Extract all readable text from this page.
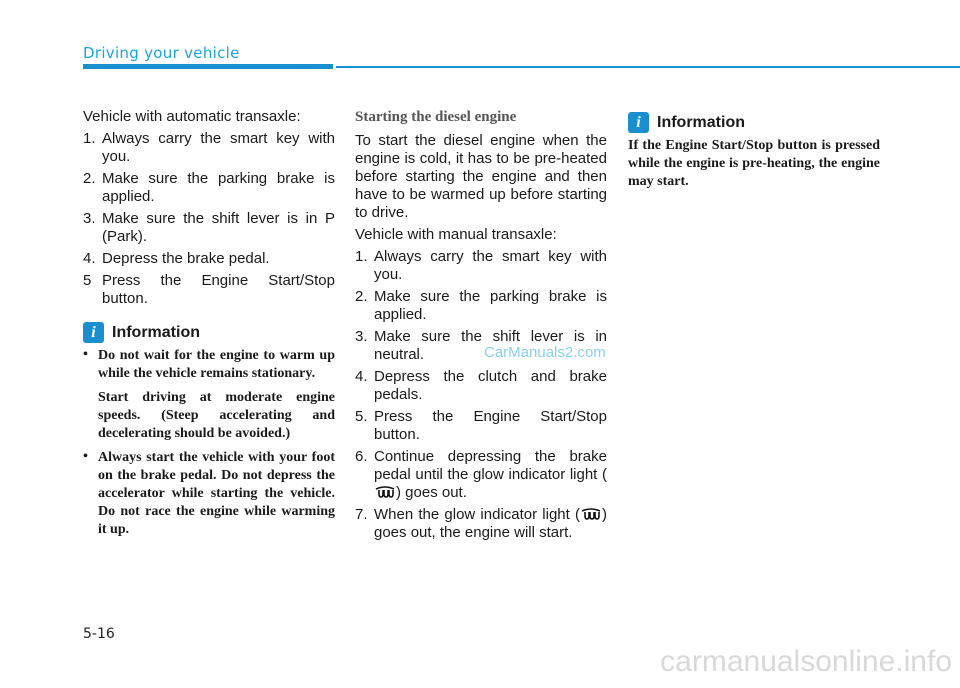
Driving your vehicle

Vehicle with automatic transaxle:

1. Always carry the smart key with you.
2. Make sure the parking brake is applied.
3. Make sure the shift lever is in P (Park).
4. Depress the brake pedal.
5 Press the Engine Start/Stop button.
i	Information
• Do not wait for the engine to warm up while the vehicle remains stationary.

Start driving at moderate engine speeds. (Steep accelerating and decelerating should be avoided.)

• Always start the vehicle with your foot on the brake pedal. Do not depress the accelerator while starting the vehicle. Do not race the engine while warming it up.

Starting the diesel engine

To start the diesel engine when the engine is cold, it has to be pre-heated before starting the engine and then have to be warmed up before starting to drive.

Vehicle with manual transaxle:

1. Always carry the smart key with you.
2. Make sure the parking brake is applied.
3. Make sure the shift lever is in neutral.
4. Depress the clutch and brake pedals.
5. Press the Engine Start/Stop button.
6. Continue depressing the brake pedal until the glow indicator light () goes out.
7. When the glow indicator light ( ) goes out, the engine will start.
i	Information

If the Engine Start/Stop button is pressed while the engine is pre-heating, the engine may start.

CarManuals2.com
5-16
carmanualsonline.info
